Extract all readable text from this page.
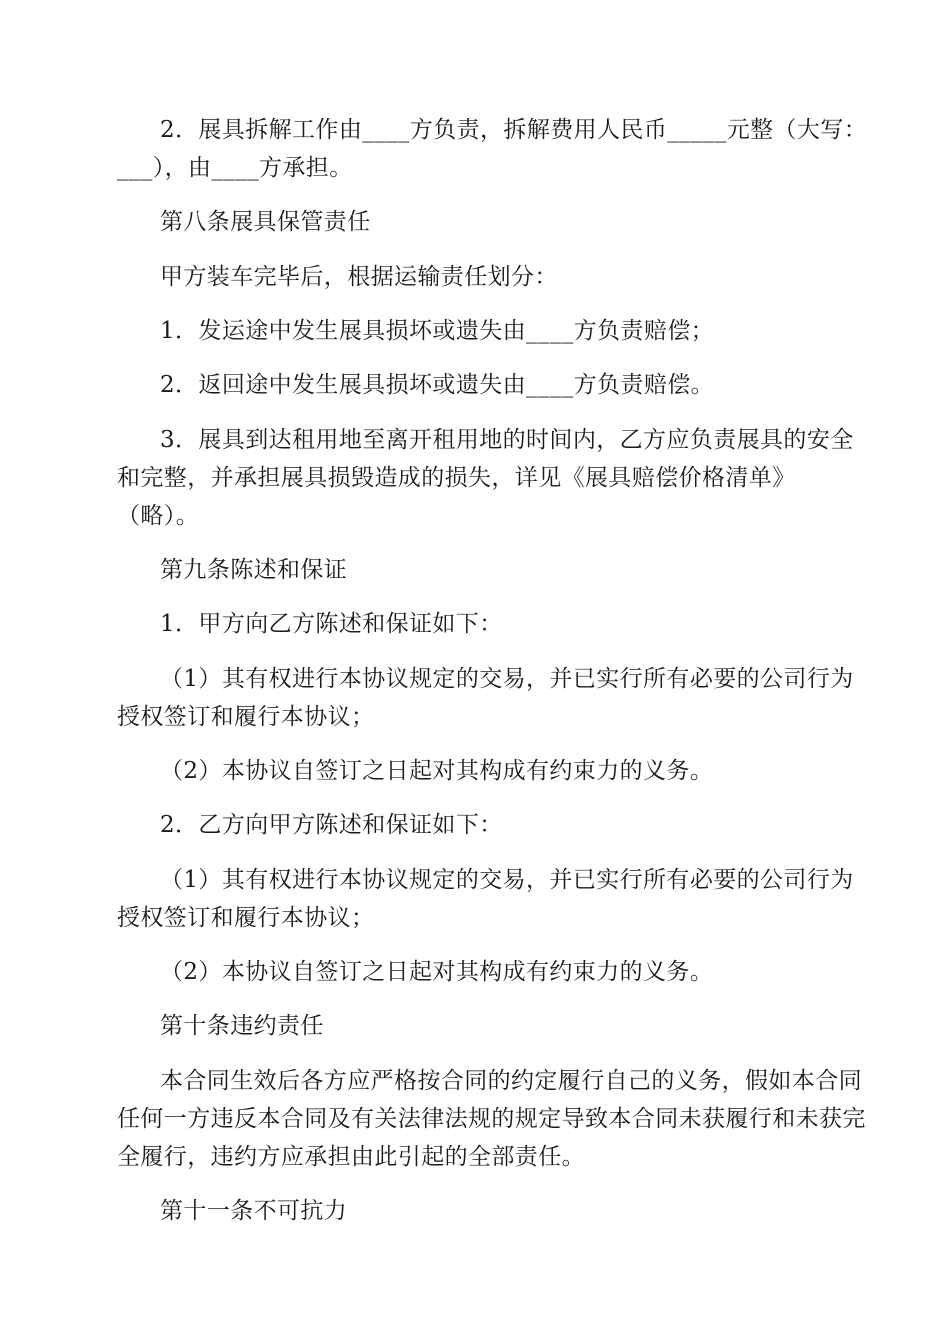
2．展具拆解工作由____方负责，拆解费用人民币_____元整（大写：
___），由____方承担。
第八条展具保管责任
甲方装车完毕后，根据运输责任划分：
1．发运途中发生展具损坏或遗失由____方负责赔偿；
2．返回途中发生展具损坏或遗失由____方负责赔偿。
3．展具到达租用地至离开租用地的时间内，乙方应负责展具的安全
和完整，并承担展具损毁造成的损失，详见《展具赔偿价格清单》
（略）。
第九条陈述和保证
1．甲方向乙方陈述和保证如下：
（1）其有权进行本协议规定的交易，并已实行所有必要的公司行为
授权签订和履行本协议；
（2）本协议自签订之日起对其构成有约束力的义务。
2．乙方向甲方陈述和保证如下：
（1）其有权进行本协议规定的交易，并已实行所有必要的公司行为
授权签订和履行本协议；
（2）本协议自签订之日起对其构成有约束力的义务。
第十条违约责任
本合同生效后各方应严格按合同的约定履行自己的义务，假如本合同
任何一方违反本合同及有关法律法规的规定导致本合同未获履行和未获完
全履行，违约方应承担由此引起的全部责任。
第十一条不可抗力
